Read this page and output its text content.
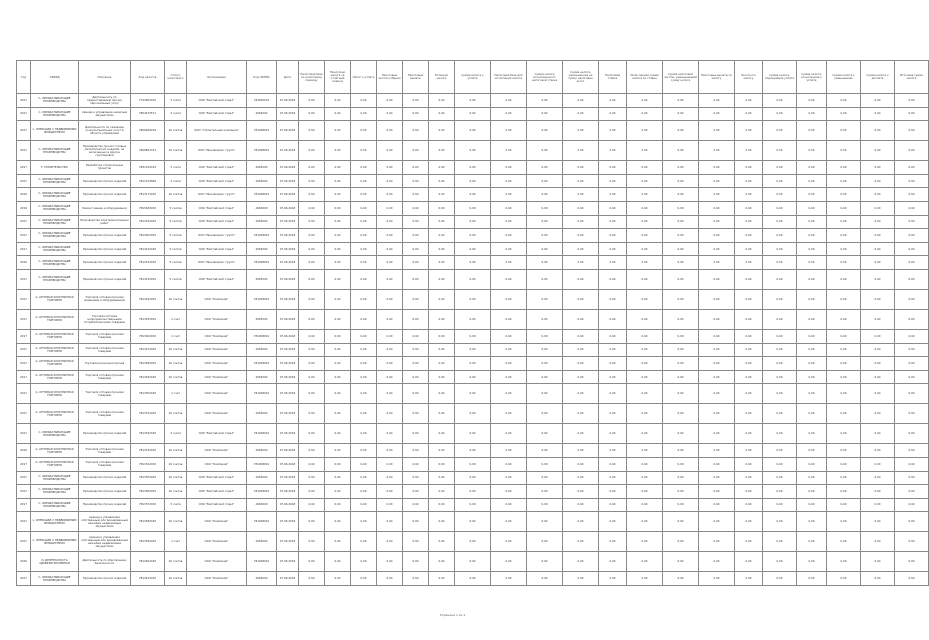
Год	ОКВЭД	Описание	Код налогов	Статус налогового	Организация	Код ОКТМО	Дата	Налоговая база по налоговому периоду	Начислено налога за отчётный период	Налог к уплате	Налоговые льготы (общие)	Налоговые вычеты	Уплачено налога	Сумма налога к уплате	Налоговая база для исчисления налога	Сумма налога исчисленная по налоговой ставке	Сумма налога, уменьшенная на сумму налоговых льгот	Налоговая ставка	Исчисленная сумма налога по ставке	Сумма налоговой льготы, уменьшающей сумму налога	Налоговые вычеты по налогу	Льготы по налогу	Сумма налога, подлежащая уплате	Сумма налога, исчисленная к уплате	Сумма налога к уменьшению	Сумма налога к доплате	Итоговая сумма налога
2017	С. ОБРАБАТЫВАЮЩИЕ ПРОИЗВОДСТВА	Деятельность по предоставлению прочих персональных услуг	7743602410	3 счета	ООО "Балтийский отдел"	784000001	07.06.2018	0,00	0,00	0,00	0,00	0,00	0,00	0,00	0,00	0,00	0,00	0,00	0,00	0,00	0,00	0,00	0,00	0,00	0,00	0,00	0,00
2017	С. ОБРАБАТЫВАЮЩИЕ ПРОИЗВОДСТВА	Аренда и управление нежилым имуществом	7804479571	3 счета	ООО "Балтийский отдел"	4063000	07.06.2018	0,00	0,00	0,00	0,00	0,00	0,00	0,00	0,00	0,00	0,00	0,00	0,00	0,00	0,00	0,00	0,00	0,00	0,00	0,00	0,00
2017	L. ОПЕРАЦИИ С НЕДВИЖИМЫМ ИМУЩЕСТВОМ	Деятельность по оказанию консультационных услуг в области управления	7806460209	10 счетов	ООО "Строительная компания"	781008901	07.06.2018	5,00	0,00	0,00	0,00	0,00	0,00	0,00	0,00	0,00	0,00	0,00	0,00	0,00	0,00	0,00	0,00	0,00	0,00	0,00	0,00
2017	С. ОБРАБАТЫВАЮЩИЕ ПРОИЗВОДСТВА	Производство прочих готовых металлических изделий, не включенных в другие группировки	7806803701	10 счетов	ООО "Инжиниринг групп"	781008901	07.06.2018	0,00	0,00	0,00	0,00	0,00	0,00	0,00	0,00	0,00	0,00	0,00	0,00	0,00	0,00	0,00	0,00	0,00	0,00	0,00	0,00
2017	F. СТРОИТЕЛЬСТВО	Разработка строительных проектов	7841332014	3 счета	ООО "Балтийский отдел"	4063000	07.06.2018	0,00	0,00	0,00	0,00	0,00	0,00	0,00	0,00	0,00	0,00	0,00	0,00	0,00	0,00	0,00	0,00	0,00	0,00	0,00	0,00
2017	С. ОБРАБАТЫВАЮЩИЕ ПРОИЗВОДСТВА	Производство прочих изделий	7811312666	3 счета	ООО "Балтийский отдел"	4063000	07.06.2018	0,00	0,00	0,00	0,00	0,00	0,00	0,00	0,00	0,00	0,00	0,00	0,00	0,00	0,00	0,00	0,00	0,00	0,00	0,00	0,00
2016	С. ОБРАБАТЫВАЮЩИЕ ПРОИЗВОДСТВА	Производство прочих изделий	7813172430	10 счетов	ООО "Инжиниринг групп"	781008901	07.06.2018	0,00	0,00	0,00	0,00	0,00	0,00	0,00	0,00	0,00	0,00	0,00	0,00	0,00	0,00	0,00	0,00	0,00	0,00	0,00	0,00
2016	С. ОБРАБАТЫВАЮЩИЕ ПРОИЗВОДСТВА	Ремонт машин и оборудования	7813182430	5 счетов	ООО "Балтийский отдел"	4063000	07.06.2018	0,00	0,00	0,00	0,00	0,00	0,00	0,00	0,00	0,00	0,00	0,00	0,00	0,00	0,00	0,00	0,00	0,00	0,00	0,00	0,00
2017	С. ОБРАБАТЫВАЮЩИЕ ПРОИЗВОДСТВА	Производство электромонтажных работ	7813192430	5 счетов	ООО "Балтийский отдел"	4063000	07.06.2018	0,00	0,00	0,00	0,00	0,00	0,00	0,00	0,00	0,00	0,00	0,00	0,00	0,00	0,00	0,00	0,00	0,00	0,00	0,00	0,00
2017	С. ОБРАБАТЫВАЮЩИЕ ПРОИЗВОДСТВА	Производство прочих изделий	7813202430	5 счетов	ООО "Инжиниринг групп"	781008901	07.06.2018	0,00	0,00	0,00	0,00	0,00	0,00	0,00	0,00	0,00	0,00	0,00	0,00	0,00	0,00	0,00	0,00	0,00	0,00	0,00	0,00
2017	С. ОБРАБАТЫВАЮЩИЕ ПРОИЗВОДСТВА	Производство прочих изделий	7813212430	5 счетов	ООО "Балтийский отдел"	4063000	07.06.2018	0,00	0,00	0,00	0,00	0,00	0,00	0,00	0,00	0,00	0,00	0,00	0,00	0,00	0,00	0,00	0,00	0,00	0,00	0,00	0,00
2016	С. ОБРАБАТЫВАЮЩИЕ ПРОИЗВОДСТВА	Производство прочих изделий	7813222430	5 счетов	ООО "Инжиниринг групп"	781008901	07.06.2018	0,00	0,00	0,00	0,00	0,00	0,00	0,00	0,00	0,00	0,00	0,00	0,00	0,00	0,00	0,00	0,00	0,00	0,00	0,00	0,00
2017	С. ОБРАБАТЫВАЮЩИЕ ПРОИЗВОДСТВА	Производство прочих изделий	7813232430	5 счетов	ООО "Балтийский отдел"	4063000	07.06.2018	0,00	0,00	0,00	0,00	0,00	0,00	0,00	0,00	0,00	0,00	0,00	0,00	0,00	0,00	0,00	0,00	0,00	0,00	0,00	0,00
2017	G. ОПТОВАЯ И РОЗНИЧНАЯ ТОРГОВЛЯ	Торговля оптовая прочими машинами и оборудованием	7813242430	10 счетов	ООО "Компания"	781008901	07.06.2018	0,00	0,00	0,00	0,00	0,00	0,00	0,00	0,00	0,00	0,00	0,00	0,00	0,00	0,00	0,00	0,00	0,00	0,00	0,00	0,00
2017	G. ОПТОВАЯ И РОЗНИЧНАЯ ТОРГОВЛЯ	Торговля оптовая непродовольственными потребительскими товарами	7813252430	1 счет	ООО "Компания"	4063000	07.06.2018	0,00	0,00	0,00	0,00	0,00	0,00	0,00	0,00	0,00	0,00	0,00	0,00	0,00	0,00	0,00	0,00	0,00	0,00	0,00	0,00
2017	G. ОПТОВАЯ И РОЗНИЧНАЯ ТОРГОВЛЯ	Торговля оптовая прочими товарами	7813262430	1 счет	ООО "Компания"	781008901	07.06.2018	0,00	0,00	0,00	0,00	0,00	0,00	0,00	0,00	0,00	0,00	0,00	0,00	0,00	0,00	0,00	0,00	0,00	0,00	0,00	0,00
2017	G. ОПТОВАЯ И РОЗНИЧНАЯ ТОРГОВЛЯ	Торговля оптовая прочими товарами	7813272430	10 счетов	ООО "Компания"	4063000	07.06.2018	0,00	0,00	0,00	0,00	0,00	0,00	0,00	0,00	0,00	0,00	0,00	0,00	0,00	0,00	0,00	0,00	0,00	0,00	0,00	0,00
2017	G. ОПТОВАЯ И РОЗНИЧНАЯ ТОРГОВЛЯ	Торговля розничная прочая	7813282430	10 счетов	ООО "Компания"	781008901	07.06.2018	0,00	0,00	0,00	0,00	0,00	0,00	0,00	0,00	0,00	0,00	0,00	0,00	0,00	0,00	0,00	0,00	0,00	0,00	0,00	0,00
2017	G. ОПТОВАЯ И РОЗНИЧНАЯ ТОРГОВЛЯ	Торговля оптовая прочими товарами	7813292430	10 счетов	ООО "Компания"	4063000	07.06.2018	0,00	0,00	0,00	0,00	0,00	0,00	0,00	0,00	0,00	0,00	0,00	0,00	0,00	0,00	0,00	0,00	0,00	0,00	0,00	0,00
2017	G. ОПТОВАЯ И РОЗНИЧНАЯ ТОРГОВЛЯ	Торговля оптовая прочими товарами	7813302430	1 счет	ООО "Компания"	781008901	07.06.2018	0,00	0,00	0,00	0,00	0,00	0,00	0,00	0,00	0,00	0,00	0,00	0,00	0,00	0,00	0,00	0,00	0,00	0,00	0,00	0,00
2017	G. ОПТОВАЯ И РОЗНИЧНАЯ ТОРГОВЛЯ	Торговля оптовая прочими товарами	7813312430	10 счетов	ООО "Компания"	4063000	07.06.2018	0,00	0,00	0,00	0,00	0,00	0,00	0,00	0,00	0,00	0,00	0,00	0,00	0,00	0,00	0,00	0,00	0,00	0,00	0,00	0,00
2017	С. ОБРАБАТЫВАЮЩИЕ ПРОИЗВОДСТВА	Производство прочих изделий	7813322430	3 счета	ООО "Балтийский отдел"	781008901	07.06.2018	0,00	0,00	0,00	0,00	0,00	0,00	0,00	0,00	0,00	0,00	0,00	0,00	0,00	0,00	0,00	0,00	0,00	0,00	0,00	0,00
2016	G. ОПТОВАЯ И РОЗНИЧНАЯ ТОРГОВЛЯ	Торговля оптовая прочими товарами	7813332430	10 счетов	ООО "Компания"	4063000	07.06.2018	0,00	0,00	0,00	0,00	0,00	0,00	0,00	0,00	0,00	0,00	0,00	0,00	0,00	0,00	0,00	0,00	0,00	0,00	0,00	0,00
2017	G. ОПТОВАЯ И РОЗНИЧНАЯ ТОРГОВЛЯ	Торговля оптовая прочими товарами	7813342430	10 счетов	ООО "Компания"	781008901	07.06.2018	0,00	0,00	0,00	0,00	0,00	0,00	0,00	0,00	0,00	0,00	0,00	0,00	0,00	0,00	0,00	0,00	0,00	0,00	0,00	0,00
2017	С. ОБРАБАТЫВАЮЩИЕ ПРОИЗВОДСТВА	Производство прочих изделий	7813352430	10 счетов	ООО "Балтийский отдел"	4063000	07.06.2018	0,00	0,00	0,00	0,00	0,00	0,00	0,00	0,00	0,00	0,00	0,00	0,00	0,00	0,00	0,00	0,00	0,00	0,00	0,00	0,00
2017	С. ОБРАБАТЫВАЮЩИЕ ПРОИЗВОДСТВА	Производство прочих изделий	7813362430	10 счетов	ООО "Балтийский отдел"	781008901	07.06.2018	0,00	0,00	0,00	0,00	0,00	0,00	0,00	0,00	0,00	0,00	0,00	0,00	0,00	0,00	0,00	0,00	0,00	0,00	0,00	0,00
2017	С. ОБРАБАТЫВАЮЩИЕ ПРОИЗВОДСТВА	Производство прочих изделий	7813372430	3 счета	ООО "Балтийский отдел"	4063000	07.06.2018	0,00	0,00	0,00	0,00	0,00	0,00	0,00	0,00	0,00	0,00	0,00	0,00	0,00	0,00	0,00	0,00	0,00	0,00	0,00	0,00
2017	L. ОПЕРАЦИИ С НЕДВИЖИМЫМ ИМУЩЕСТВОМ	Аренда и управление собственным или арендованным нежилым недвижимым имуществом	7813382430	10 счетов	ООО "Компания"	781008901	07.06.2018	0,00	0,00	0,00	0,00	0,00	0,00	0,00	0,00	0,00	0,00	0,00	0,00	0,00	0,00	0,00	0,00	0,00	0,00	0,00	0,00
2017	L. ОПЕРАЦИИ С НЕДВИЖИМЫМ ИМУЩЕСТВОМ	Аренда и управление собственным или арендованным нежилым недвижимым имуществом	7813392430	1 счет	ООО "Компания"	4063000	07.06.2018	0,00	0,00	0,00	0,00	0,00	0,00	0,00	0,00	0,00	0,00	0,00	0,00	0,00	0,00	0,00	0,00	0,00	0,00	0,00	0,00
2016	N. ДЕЯТЕЛЬНОСТЬ АДМИНИСТРАТИВНАЯ	Деятельность по обеспечению безопасности	7813402430	10 счетов	ООО "Компания"	781008901	07.06.2018	0,00	0,00	0,00	0,00	0,00	0,00	0,00	0,00	0,00	0,00	0,00	0,00	0,00	0,00	0,00	0,00	0,00	0,00	0,00	0,00
2017	С. ОБРАБАТЫВАЮЩИЕ ПРОИЗВОДСТВА	Производство прочих изделий	7813412430	10 счетов	ООО "Компания"	4063000	07.06.2018	0,00	0,00	0,00	0,00	0,00	0,00	0,00	0,00	0,00	0,00	0,00	0,00	0,00	0,00	0,00	0,00	0,00	0,00	0,00	0,00
Страница 1 из 1
